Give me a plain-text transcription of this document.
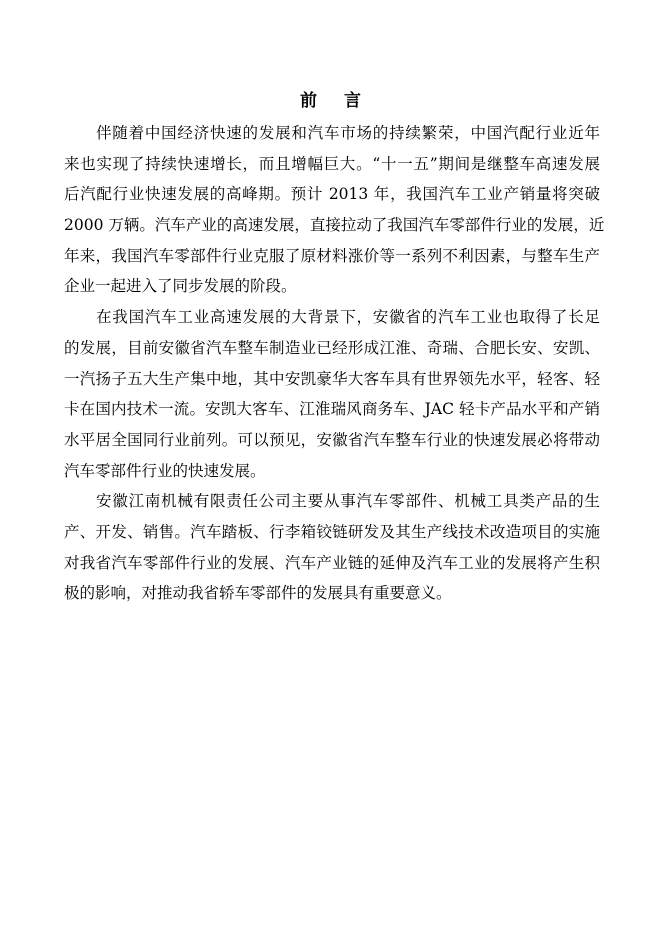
前 言
伴随着中国经济快速的发展和汽车市场的持续繁荣，中国汽配行业近年
来也实现了持续快速增长，而且增幅巨大。“十一五”期间是继整车高速发展
后汽配行业快速发展的高峰期。预计 2013 年，我国汽车工业产销量将突破
2000 万辆。汽车产业的高速发展，直接拉动了我国汽车零部件行业的发展，近
年来，我国汽车零部件行业克服了原材料涨价等一系列不利因素，与整车生产
企业一起进入了同步发展的阶段。
在我国汽车工业高速发展的大背景下，安徽省的汽车工业也取得了长足
的发展，目前安徽省汽车整车制造业已经形成江淮、奇瑞、合肥长安、安凯、
一汽扬子五大生产集中地，其中安凯豪华大客车具有世界领先水平，轻客、轻
卡在国内技术一流。安凯大客车、江淮瑞风商务车、JAC 轻卡产品水平和产销
水平居全国同行业前列。可以预见，安徽省汽车整车行业的快速发展必将带动
汽车零部件行业的快速发展。
安徽江南机械有限责任公司主要从事汽车零部件、机械工具类产品的生
产、开发、销售。汽车踏板、行李箱铰链研发及其生产线技术改造项目的实施
对我省汽车零部件行业的发展、汽车产业链的延伸及汽车工业的发展将产生积
极的影响，对推动我省轿车零部件的发展具有重要意义。
